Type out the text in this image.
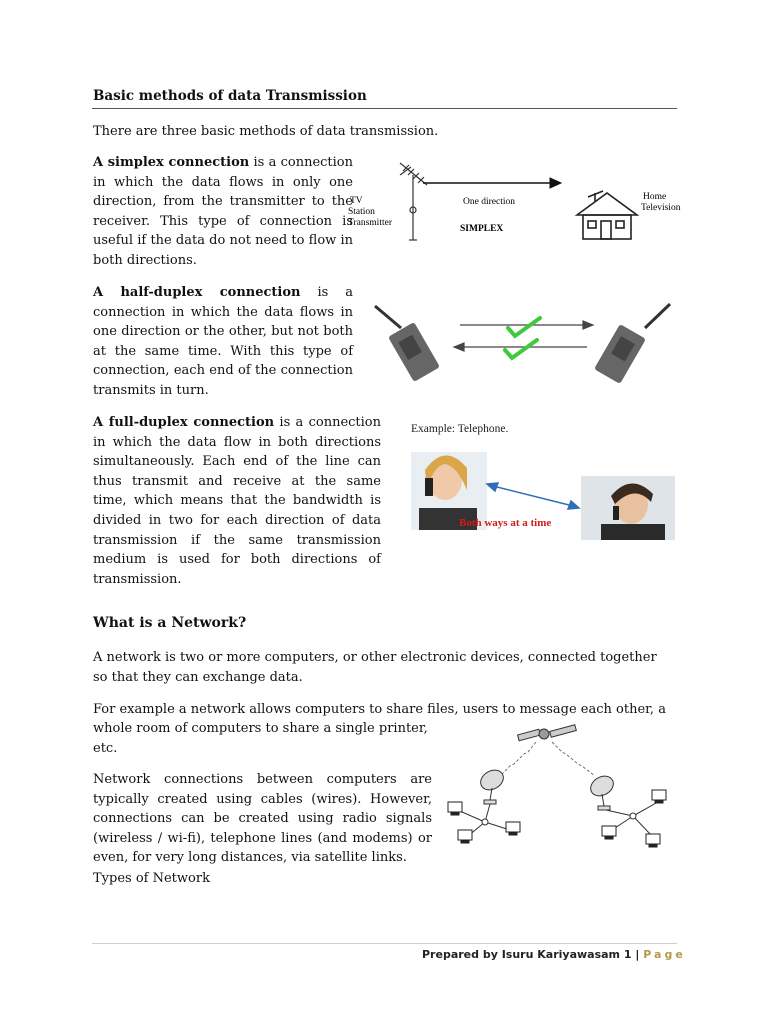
Basic methods of data Transmission
There are three basic methods of data transmission.
A simplex connection is a connection in which the data flows in only one direction, from the transmitter to the receiver. This type of connection is useful if the data do not need to flow in both directions.
TV
Station
Transmitter
One direction
SIMPLEX
Home
Television
A half-duplex connection is a connection in which the data flows in one direction or the other, but not both at the same time. With this type of connection, each end of the connection transmits in turn.
A full-duplex connection is a connection in which the data flow in both directions simultaneously. Each end of the line can thus transmit and receive at the same time, which means that the bandwidth is divided in two for each direction of data transmission if the same transmission medium is used for both directions of transmission.
Example: Telephone.
Both ways at a time
What is a Network?
A network is two or more computers, or other electronic devices, connected together so that they can exchange data.
For example a network allows computers to share files, users to message each other, a
whole room of computers to share a single printer, etc.
Network connections between computers are typically created using cables (wires). However, connections can be created using radio signals (wireless / wi-fi), telephone lines (and modems) or even, for very long distances, via satellite links.
Types of Network
Prepared by Isuru Kariyawasam 1 | Page
